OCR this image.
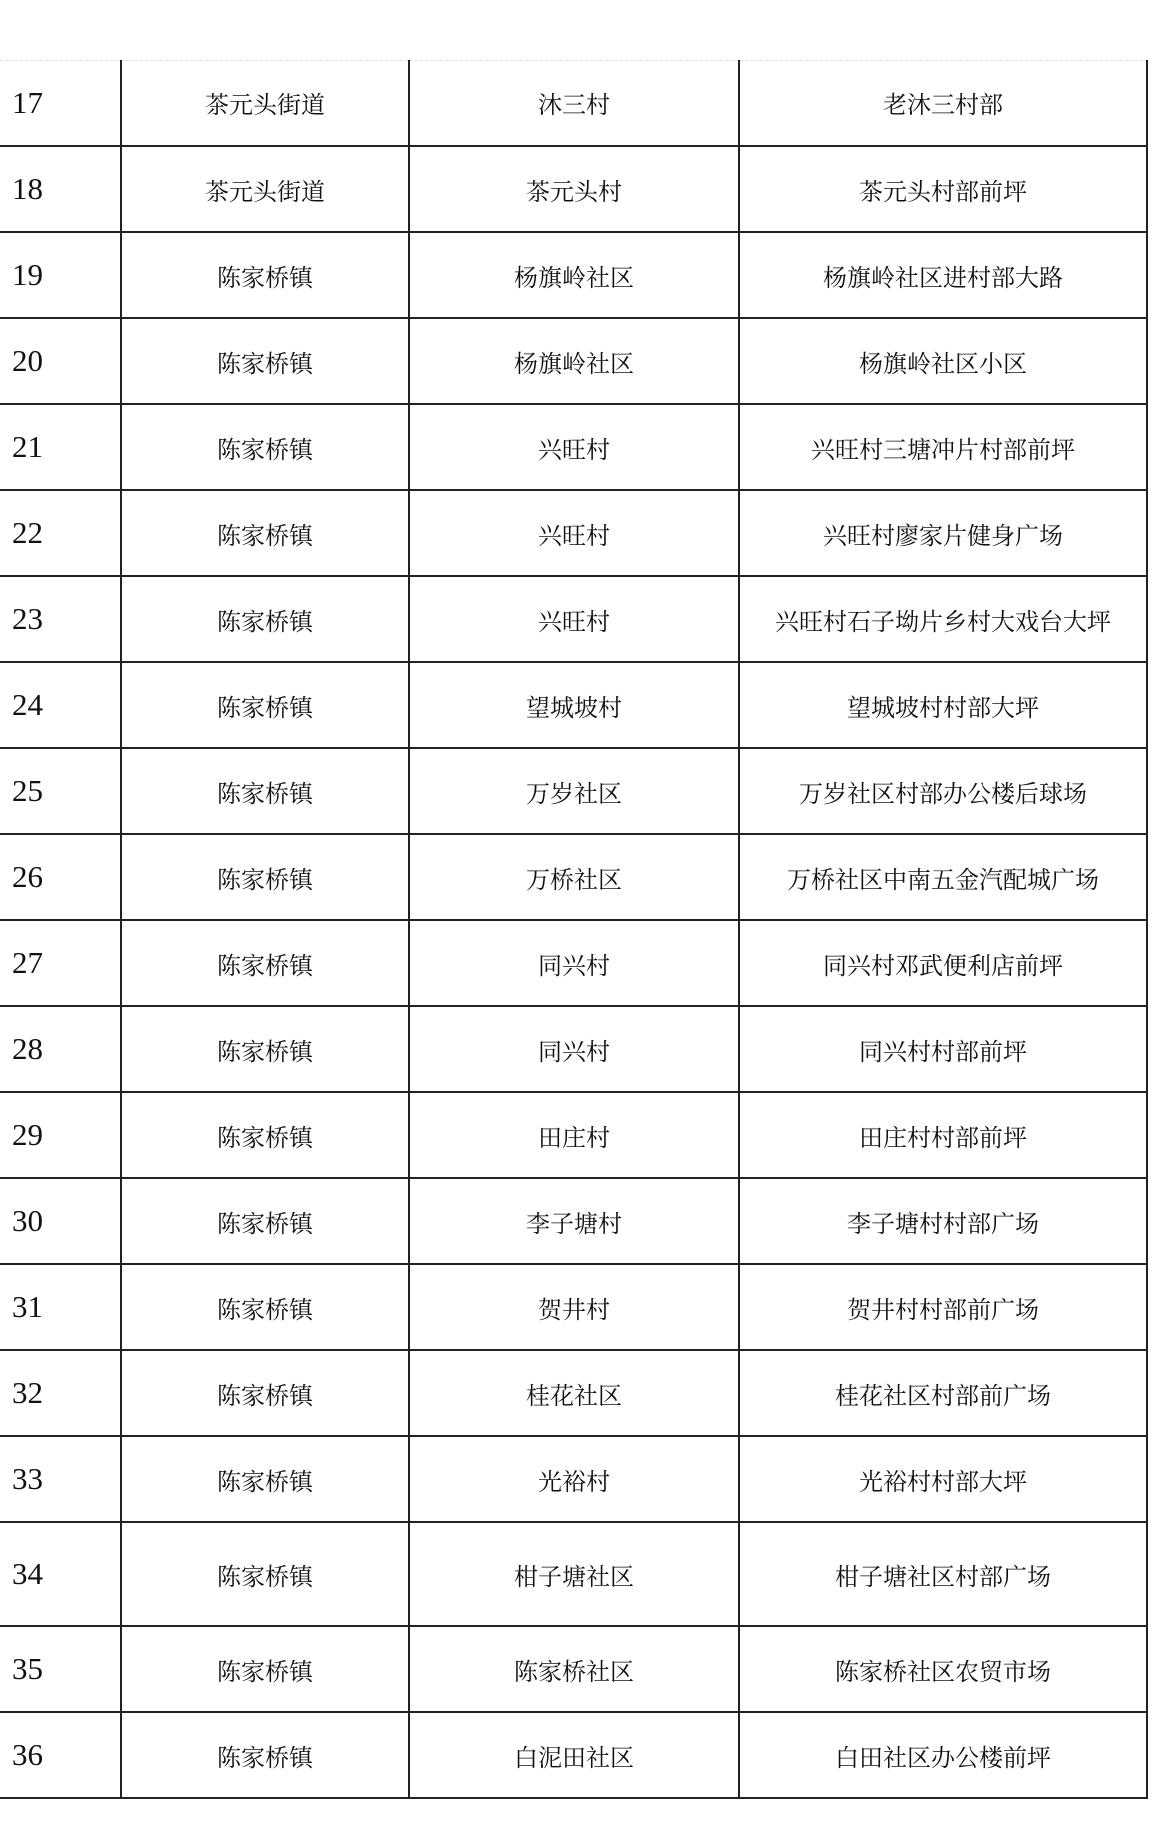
17	茶元头街道	沐三村	老沐三村部
18	茶元头街道	茶元头村	茶元头村部前坪
19	陈家桥镇	杨旗岭社区	杨旗岭社区进村部大路
20	陈家桥镇	杨旗岭社区	杨旗岭社区小区
21	陈家桥镇	兴旺村	兴旺村三塘冲片村部前坪
22	陈家桥镇	兴旺村	兴旺村廖家片健身广场
23	陈家桥镇	兴旺村	兴旺村石子坳片乡村大戏台大坪
24	陈家桥镇	望城坡村	望城坡村村部大坪
25	陈家桥镇	万岁社区	万岁社区村部办公楼后球场
26	陈家桥镇	万桥社区	万桥社区中南五金汽配城广场
27	陈家桥镇	同兴村	同兴村邓武便利店前坪
28	陈家桥镇	同兴村	同兴村村部前坪
29	陈家桥镇	田庄村	田庄村村部前坪
30	陈家桥镇	李子塘村	李子塘村村部广场
31	陈家桥镇	贺井村	贺井村村部前广场
32	陈家桥镇	桂花社区	桂花社区村部前广场
33	陈家桥镇	光裕村	光裕村村部大坪
34	陈家桥镇	柑子塘社区	柑子塘社区村部广场
35	陈家桥镇	陈家桥社区	陈家桥社区农贸市场
36	陈家桥镇	白泥田社区	白田社区办公楼前坪
